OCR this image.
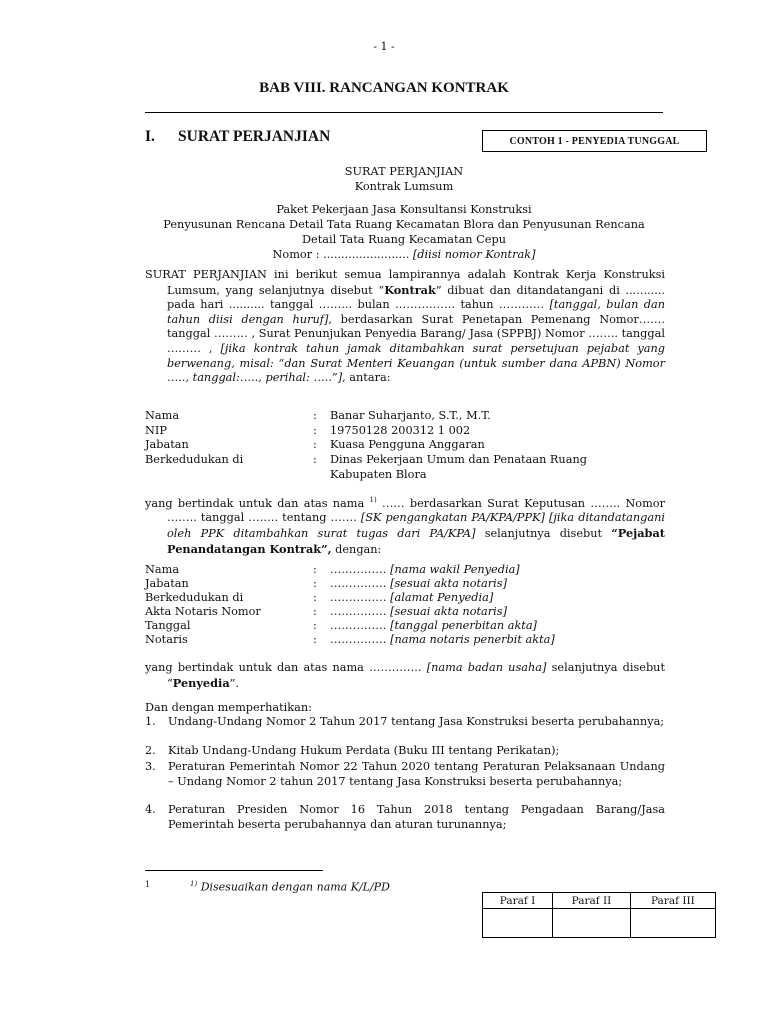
- 1 -
BAB VIII. RANCANGAN KONTRAK
I. SURAT PERJANJIAN	CONTOH 1 - PENYEDIA TUNGGAL
SURAT PERJANJIAN
Kontrak Lumsum
Paket Pekerjaan Jasa Konsultansi Konstruksi
Penyusunan Rencana Detail Tata Ruang Kecamatan Blora dan Penyusunan Rencana
Detail Tata Ruang Kecamatan Cepu
Nomor : ........................ [diisi nomor Kontrak]
SURAT PERJANJIAN ini berikut semua lampirannya adalah Kontrak Kerja Konstruksi Lumsum, yang selanjutnya disebut “Kontrak” dibuat dan ditandatangani di ........... pada hari .......... tanggal ……... bulan ……………. tahun ………… [tanggal, bulan dan tahun diisi dengan huruf], berdasarkan Surat Penetapan Pemenang Nomor……. tanggal ……… , Surat Penunjukan Penyedia Barang/ Jasa (SPPBJ) Nomor …….. tanggal ……… , [jika kontrak tahun jamak ditambahkan surat persetujuan pejabat yang berwenang, misal: “dan Surat Menteri Keuangan (untuk sumber dana APBN) Nomor ….., tanggal:….., perihal: …..”], antara:
Nama	: Banar Suharjanto, S.T., M.T.
NIP	: 19750128 200312 1 002
Jabatan	: Kuasa Pengguna Anggaran
Berkedudukan di	: Dinas Pekerjaan Umum dan Penataan Ruang Kabupaten Blora
yang bertindak untuk dan atas nama $^{1)}$ …… berdasarkan Surat Keputusan …….. Nomor …….. tanggal …….. tentang ……. [SK pengangkatan PA/KPA/PPK] [jika ditandatangani oleh PPK ditambahkan surat tugas dari PA/KPA] selanjutnya disebut “Pejabat Penandatangan Kontrak”, dengan:
Nama	: …………… [nama wakil Penyedia]
Jabatan	: …………… [sesuai akta notaris]
Berkedudukan di	: …………… [alamat Penyedia]
Akta Notaris Nomor	: …………… [sesuai akta notaris]
Tanggal	: …………… [tanggal penerbitan akta]
Notaris	: …………… [nama notaris penerbit akta]
yang bertindak untuk dan atas nama ………….. [nama badan usaha] selanjutnya disebut “Penyedia”.
Dan dengan memperhatikan:
1. Undang-Undang Nomor 2 Tahun 2017 tentang Jasa Konstruksi beserta perubahannya;
2. Kitab Undang-Undang Hukum Perdata (Buku III tentang Perikatan);
3. Peraturan Pemerintah Nomor 22 Tahun 2020 tentang Peraturan Pelaksanaan Undang – Undang Nomor 2 tahun 2017 tentang Jasa Konstruksi beserta perubahannya;
4. Peraturan Presiden Nomor 16 Tahun 2018 tentang Pengadaan Barang/Jasa Pemerintah beserta perubahannya dan aturan turunannya;
$^1$	$^{1)}$ Disesuaikan dengan nama K/L/PD
Paraf I	Paraf II	Paraf III
